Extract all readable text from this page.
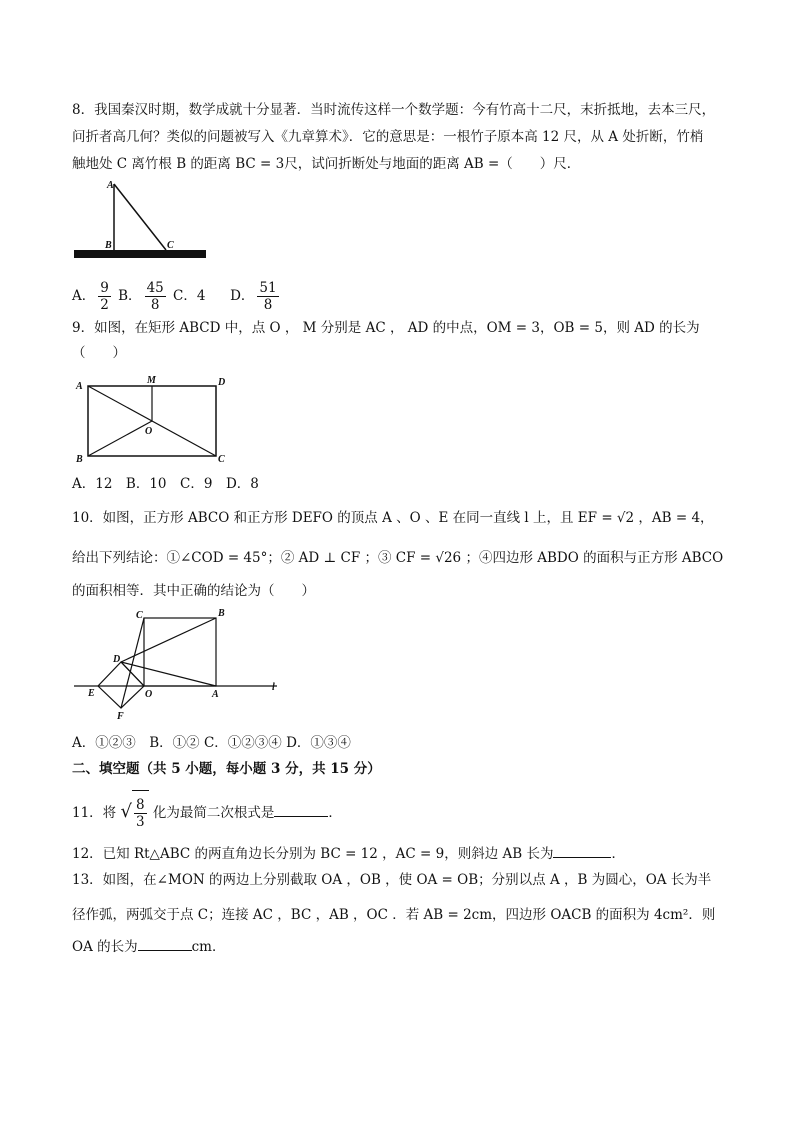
8．我国秦汉时期，数学成就十分显著．当时流传这样一个数学题：今有竹高十二尺，末折抵地，去本三尺，
问折者高几何？类似的问题被写入《九章算术》．它的意思是：一根竹子原本高 12 尺，从 A 处折断，竹梢
触地处 C 离竹根 B 的距离 BC = 3尺，试问折断处与地面的距离 AB =（　　）尺．
A
B	C
A． $\frac{9}{2}$ B． $\frac{45}{8}$ C．4 D． $\frac{51}{8}$
9．如图，在矩形 ABCD 中，点 O ， M 分别是 AC ， AD 的中点，OM = 3，OB = 5，则 AD 的长为
（　　）
A
M	D
O
B	C
A．12　B．10　C．9　D．8
10．如图，正方形 ABCO 和正方形 DEFO 的顶点 A 、O 、E 在同一直线 l 上，且 EF = √2 ，AB = 4，
给出下列结论：①∠COD = 45°；② AD ⊥ CF ；③ CF = √26 ；④四边形 ABDO 的面积与正方形 ABCO
的面积相等．其中正确的结论为（　　）
C	B
D
E	O	A
l
F
A．①②③　B．①② C．①②③④ D．①③④
二、填空题（共 5 小题，每小题 3 分，共 15 分）
11．将 √ $\frac{8}{3}$ 化为最简二次根式是	．
12．已知 Rt△ABC 的两直角边长分别为 BC = 12 ，AC = 9，则斜边 AB 长为	．
13．如图，在∠MON 的两边上分别截取 OA ，OB ，使 OA = OB；分别以点 A ，B 为圆心，OA 长为半
径作弧，两弧交于点 C；连接 AC ，BC ，AB ，OC ．若 AB = 2cm，四边形 OACB 的面积为 4cm²．则
OA 的长为	cm．
